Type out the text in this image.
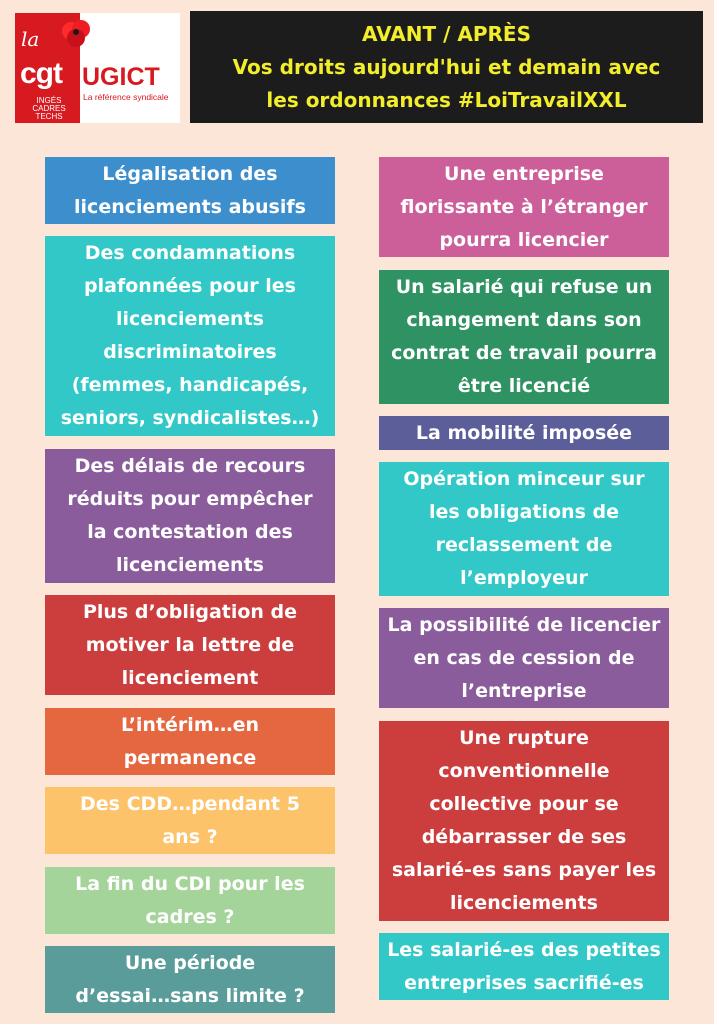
la
cgt UGICT
La référence syndicale
INGÉS
CADRES
TECHS
AVANT / APRÈS
Vos droits aujourd'hui et demain avec
les ordonnances #LoiTravailXXL
Légalisation des
licenciements abusifs
Des condamnations
plafonnées pour les
licenciements
discriminatoires
(femmes, handicapés,
seniors, syndicalistes…)
Des délais de recours
réduits pour empêcher
la contestation des
licenciements
Plus d’obligation de
motiver la lettre de
licenciement
L’intérim…en
permanence
Des CDD…pendant 5
ans ?
La fin du CDI pour les
cadres ?
Une période
d’essai…sans limite ?
Une entreprise
florissante à l’étranger
pourra licencier
Un salarié qui refuse un
changement dans son
contrat de travail pourra
être licencié
La mobilité imposée
Opération minceur sur
les obligations de
reclassement de
l’employeur
La possibilité de licencier
en cas de cession de
l’entreprise
Une rupture
conventionnelle
collective pour se
débarrasser de ses
salarié-es sans payer les
licenciements
Les salarié-es des petites
entreprises sacrifié-es
